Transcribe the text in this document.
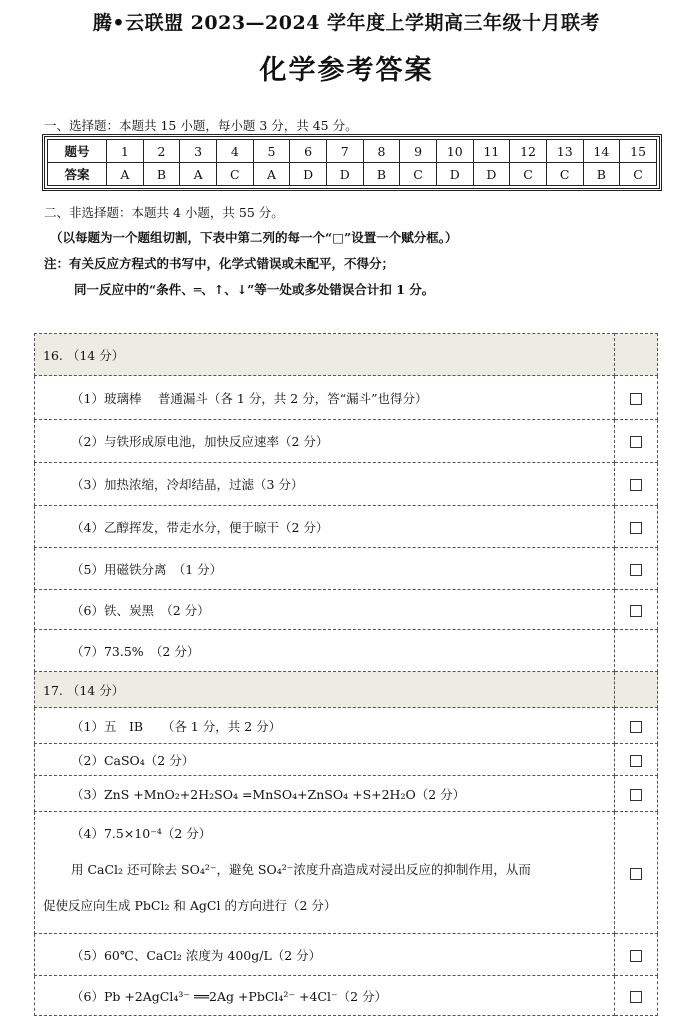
腾•云联盟 2023—2024 学年度上学期高三年级十月联考
化学参考答案
一、选择题：本题共 15 小题，每小题 3 分，共 45 分。
题号	1	2	3	4	5	6	7	8	9	10	11	12	13	14	15
答案	A	B	A	C	A	D	D	B	C	D	D	C	C	B	C
二、非选择题：本题共 4 小题，共 55 分。
（以每题为一个题组切割，下表中第二列的每一个“□”设置一个赋分框。）
注：有关反应方程式的书写中，化学式错误或未配平，不得分；
同一反应中的“条件、═、↑、↓”等一处或多处错误合计扣 1 分。
16. （14 分）	
（1）玻璃棒　 普通漏斗（各 1 分，共 2 分，答“漏斗”也得分）	
（2）与铁形成原电池，加快反应速率（2 分）	
（3）加热浓缩，冷却结晶，过滤（3 分）	
（4）乙醇挥发，带走水分，便于晾干（2 分）	
（5）用磁铁分离　（1 分）	
（6）铁、炭黑　（2 分）	
（7）73.5%　（2 分）	
17. （14 分）	
（1）五　IB　　（各 1 分，共 2 分）	
（2）CaSO₄（2 分）	
（3）ZnS +MnO₂+2H₂SO₄ =MnSO₄+ZnSO₄ +S+2H₂O（2 分）	

（4）7.5×10⁻⁴（2 分）
用 CaCl₂ 还可除去 SO₄²⁻，避免 SO₄²⁻浓度升高造成对浸出反应的抑制作用，从而
促使反应向生成 PbCl₂ 和 AgCl 的方向进行（2 分）	

（5）60℃、CaCl₂ 浓度为 400g/L（2 分）	
（6）Pb +2AgCl₄³⁻ ══2Ag +PbCl₄²⁻ +4Cl⁻（2 分）	
